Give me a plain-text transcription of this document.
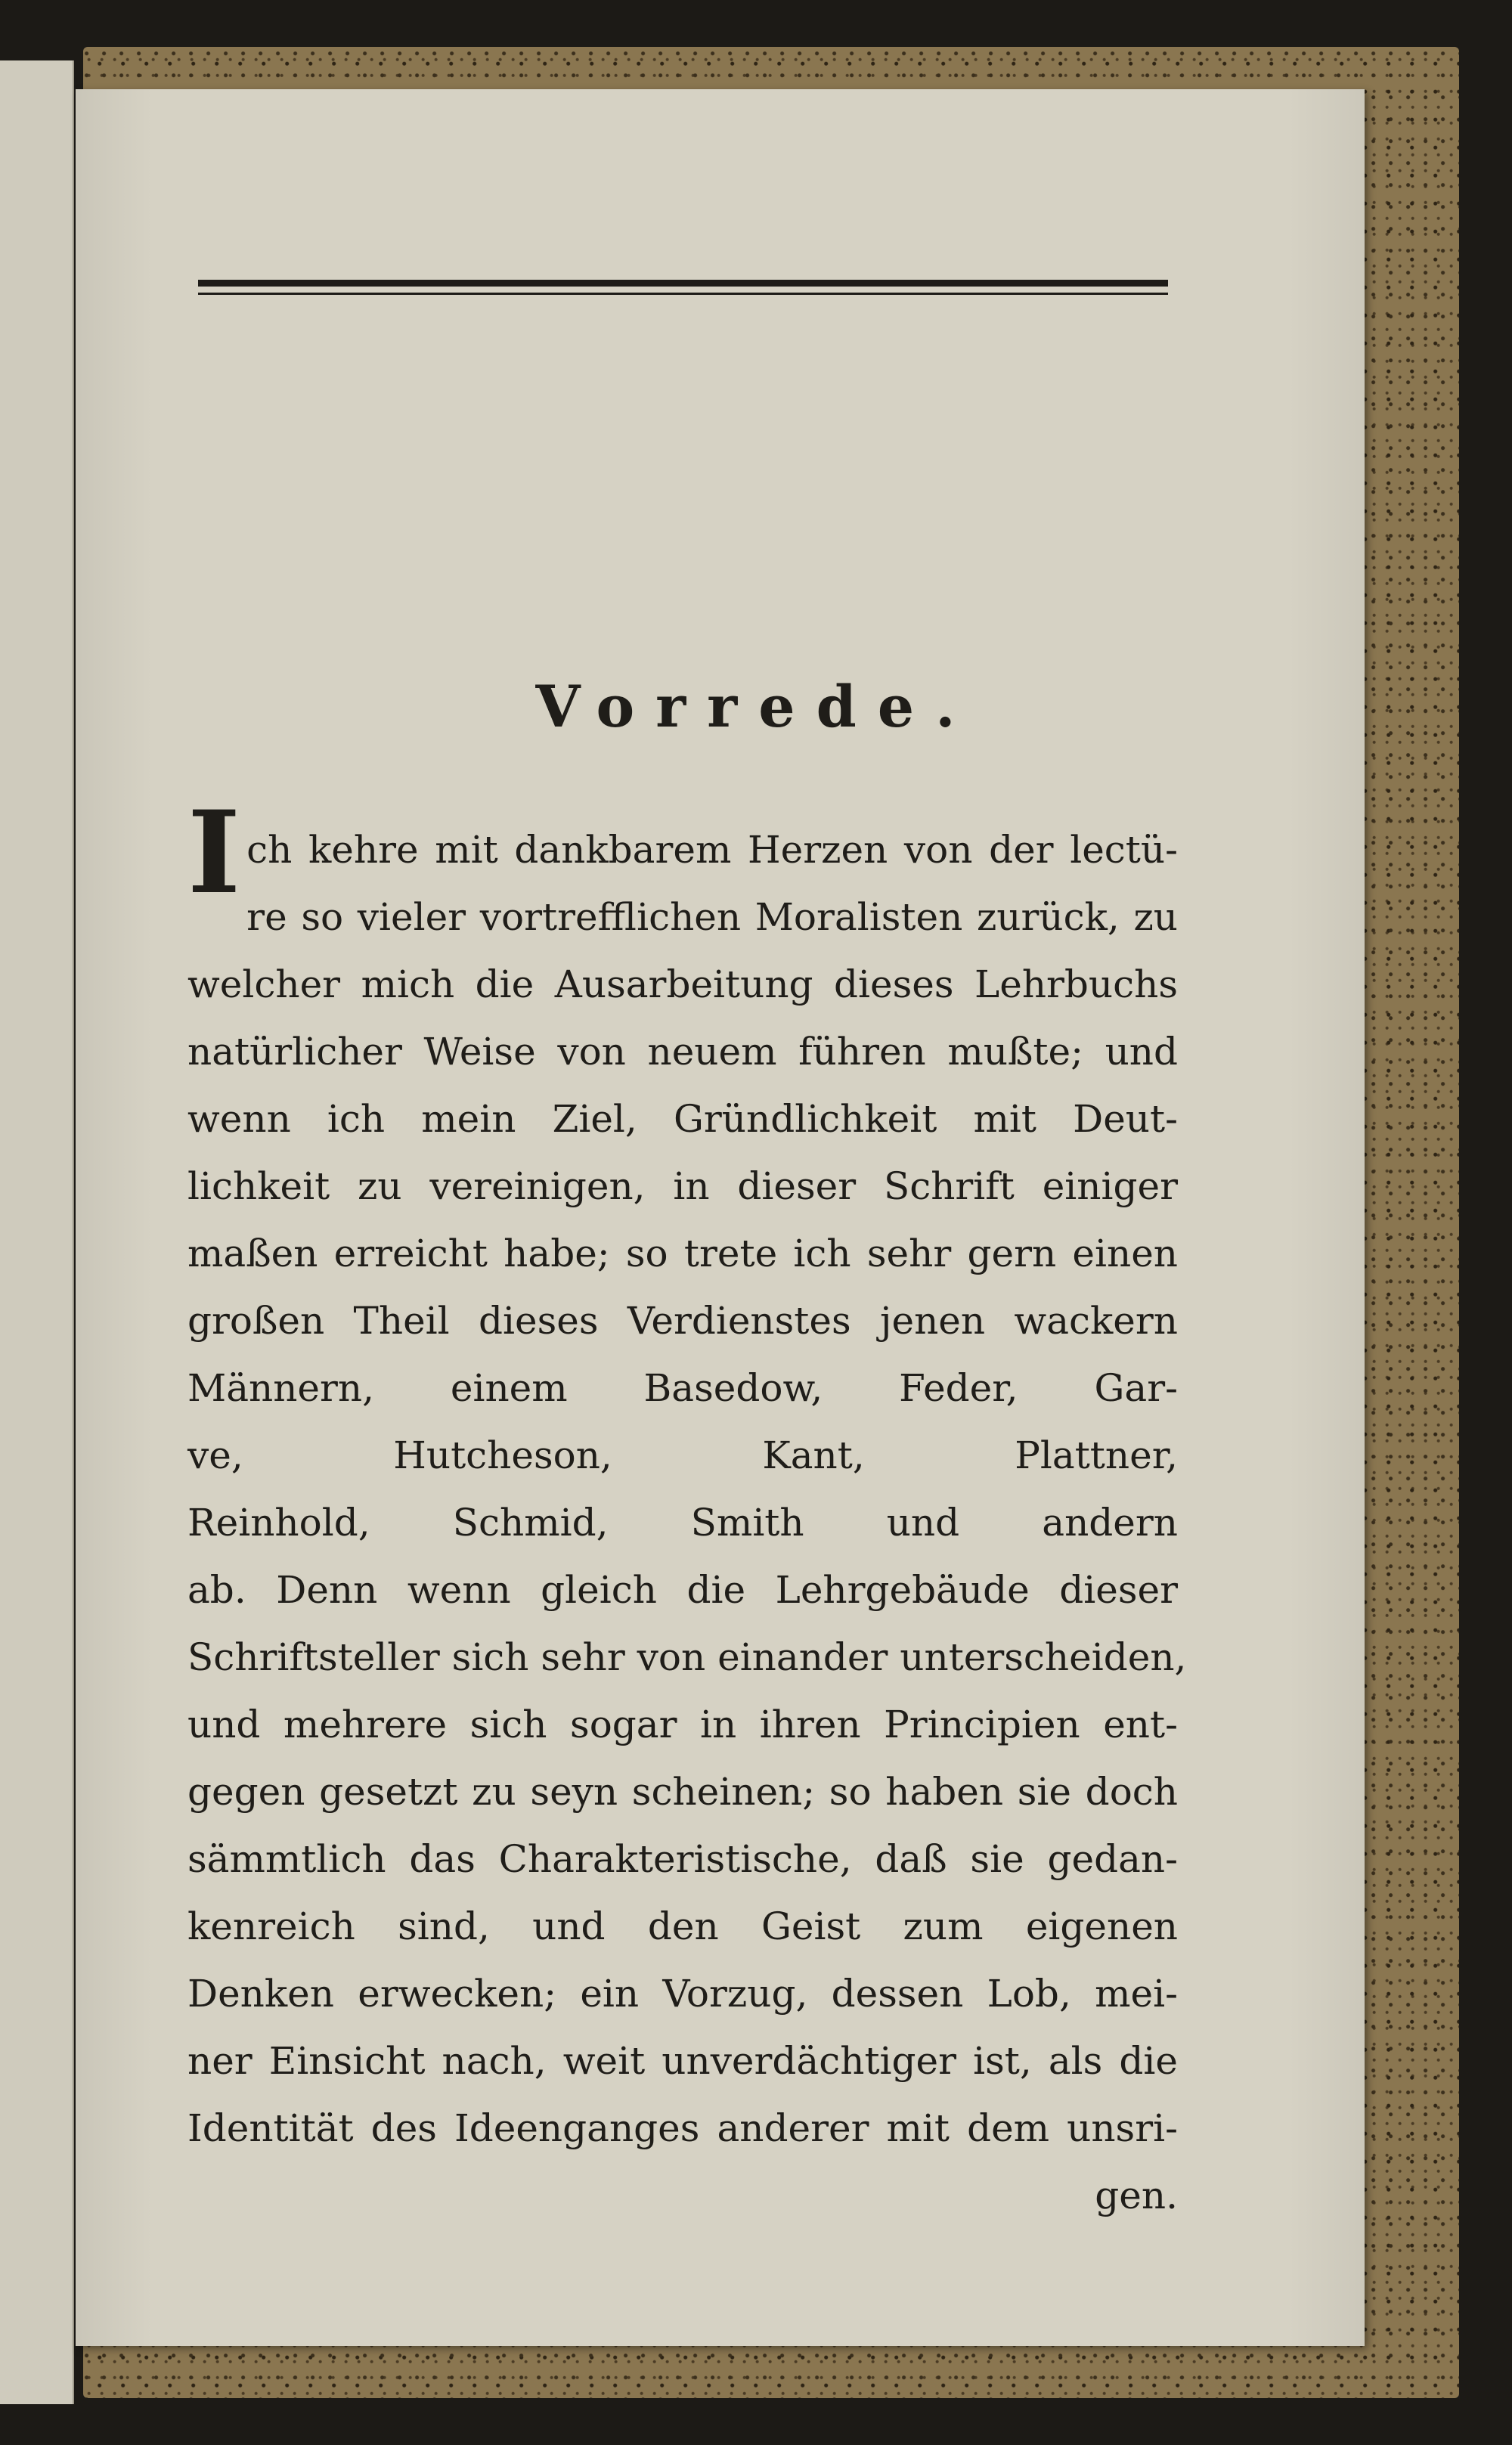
Vorrede.
I ch kehre mit dankbarem Herzen von der lectü-
re so vieler vortrefflichen Moralisten zurück, zu
welcher mich die Ausarbeitung dieses Lehrbuchs
natürlicher Weise von neuem führen mußte; und
wenn ich mein Ziel, Gründlichkeit mit Deut-
lichkeit zu vereinigen, in dieser Schrift einiger
maßen erreicht habe; so trete ich sehr gern einen
großen Theil dieses Verdienstes jenen wackern
Männern, einem Basedow, Feder, Gar-
ve, Hutcheson, Kant, Plattner,
Reinhold, Schmid, Smith und andern
ab. Denn wenn gleich die Lehrgebäude dieser
Schriftsteller sich sehr von einander unterscheiden,
und mehrere sich sogar in ihren Principien ent-
gegen gesetzt zu seyn scheinen; so haben sie doch
sämmtlich das Charakteristische, daß sie gedan-
kenreich sind, und den Geist zum eigenen
Denken erwecken; ein Vorzug, dessen Lob, mei-
ner Einsicht nach, weit unverdächtiger ist, als die
Identität des Ideenganges anderer mit dem unsri-
gen.
